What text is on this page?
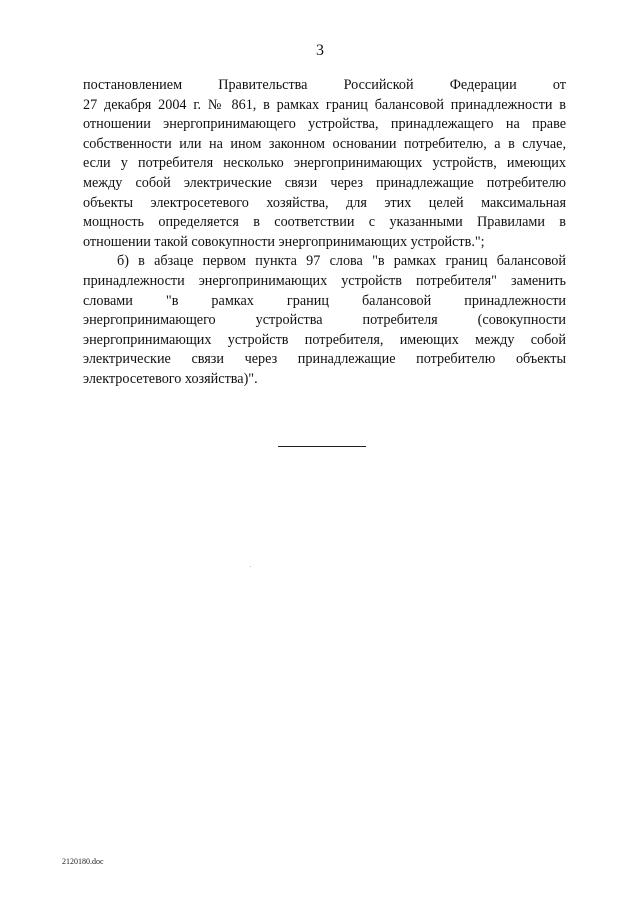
3

постановлением Правительства Российской Федерации от
27 декабря 2004 г. № 861, в рамках границ балансовой принадлежности в
отношении энергопринимающего устройства, принадлежащего на праве
собственности или на ином законном основании потребителю, а в случае,
если у потребителя несколько энергопринимающих устройств, имеющих
между собой электрические связи через принадлежащие потребителю
объекты электросетевого хозяйства, для этих целей максимальная
мощность определяется в соответствии с указанными Правилами в
отношении такой совокупности энергопринимающих устройств.";

б) в абзаце первом пункта 97 слова "в рамках границ балансовой
принадлежности энергопринимающих устройств потребителя" заменить
словами "в рамках границ балансовой принадлежности
энергопринимающего устройства потребителя (совокупности
энергопринимающих устройств потребителя, имеющих между собой
электрические связи через принадлежащие потребителю объекты
электросетевого хозяйства)".

2120180.doc
